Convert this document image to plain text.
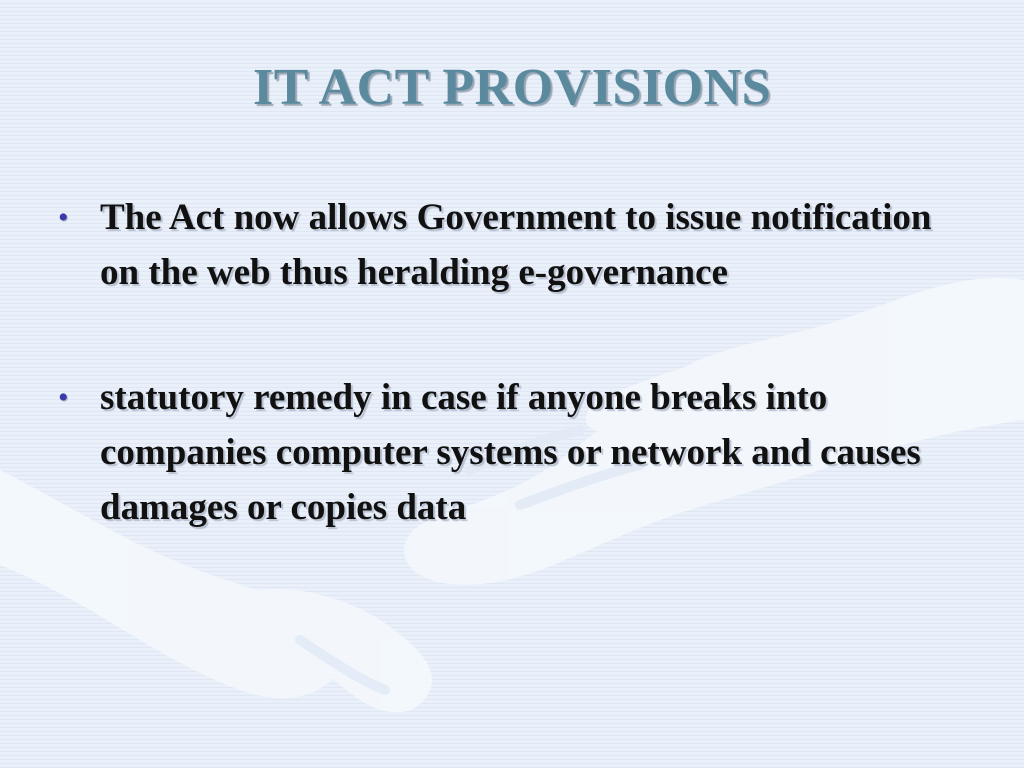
IT ACT PROVISIONS
• The Act now allows Government to issue notification on the web thus heralding e-governance
• statutory remedy in case if anyone breaks into companies computer systems or network and causes damages or copies data
